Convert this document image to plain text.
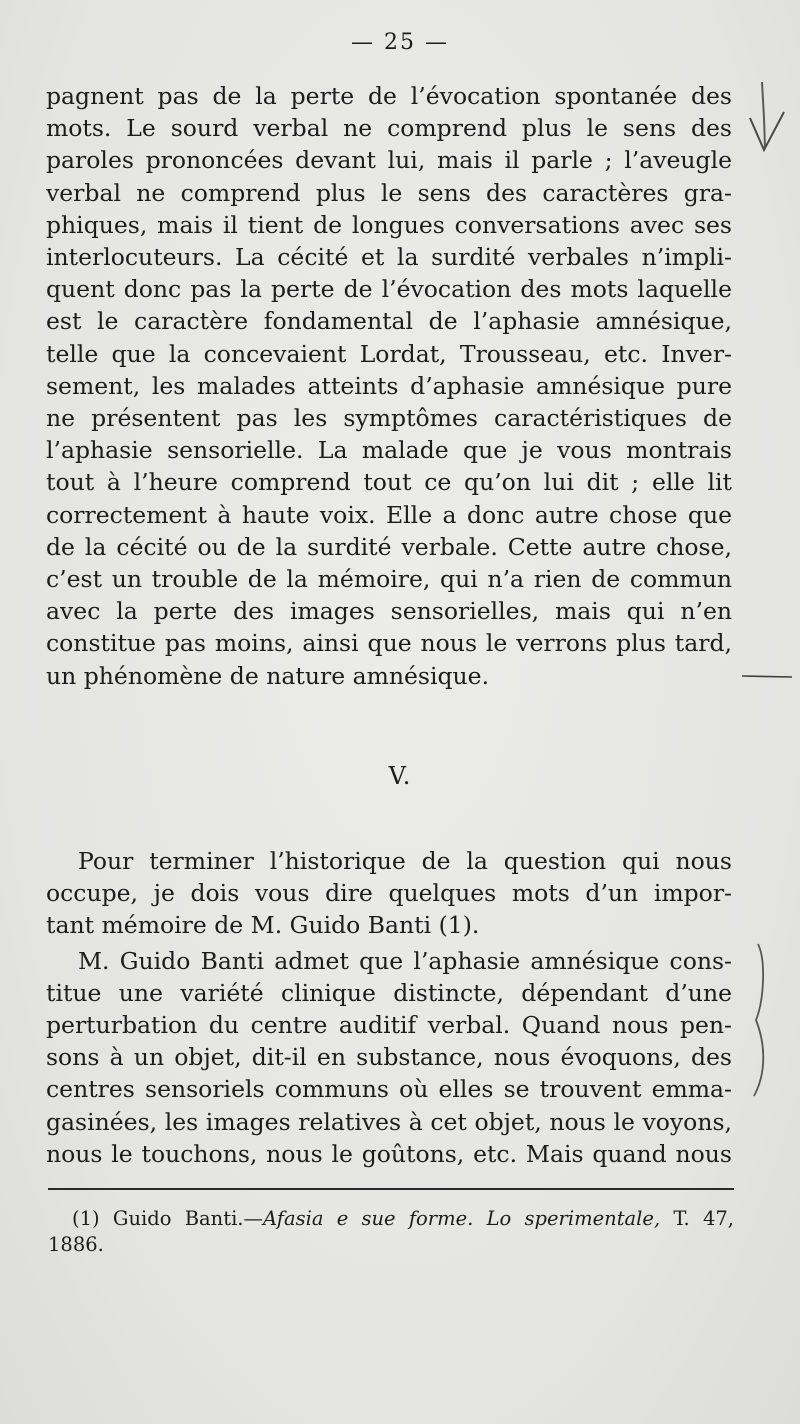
— 25 —
pagnent pas de la perte de l’évocation spontanée des
mots. Le sourd verbal ne comprend plus le sens des
paroles prononcées devant lui, mais il parle ; l’aveugle
verbal ne comprend plus le sens des caractères gra-
phiques, mais il tient de longues conversations avec ses
interlocuteurs. La cécité et la surdité verbales n’impli-
quent donc pas la perte de l’évocation des mots laquelle
est le caractère fondamental de l’aphasie amnésique,
telle que la concevaient Lordat, Trousseau, etc. Inver-
sement, les malades atteints d’aphasie amnésique pure
ne présentent pas les symptômes caractéristiques de
l’aphasie sensorielle. La malade que je vous montrais
tout à l’heure comprend tout ce qu’on lui dit ; elle lit
correctement à haute voix. Elle a donc autre chose que
de la cécité ou de la surdité verbale. Cette autre chose,
c’est un trouble de la mémoire, qui n’a rien de commun
avec la perte des images sensorielles, mais qui n’en
constitue pas moins, ainsi que nous le verrons plus tard,
un phénomène de nature amnésique.
V.
Pour terminer l’historique de la question qui nous
occupe, je dois vous dire quelques mots d’un impor-
tant mémoire de M. Guido Banti (1).
M. Guido Banti admet que l’aphasie amnésique cons-
titue une variété clinique distincte, dépendant d’une
perturbation du centre auditif verbal. Quand nous pen-
sons à un objet, dit-il en substance, nous évoquons, des
centres sensoriels communs où elles se trouvent emma-
gasinées, les images relatives à cet objet, nous le voyons,
nous le touchons, nous le goûtons, etc. Mais quand nous
(1) Guido Banti.—Afasia e sue forme. Lo sperimentale, T. 47,
1886.
